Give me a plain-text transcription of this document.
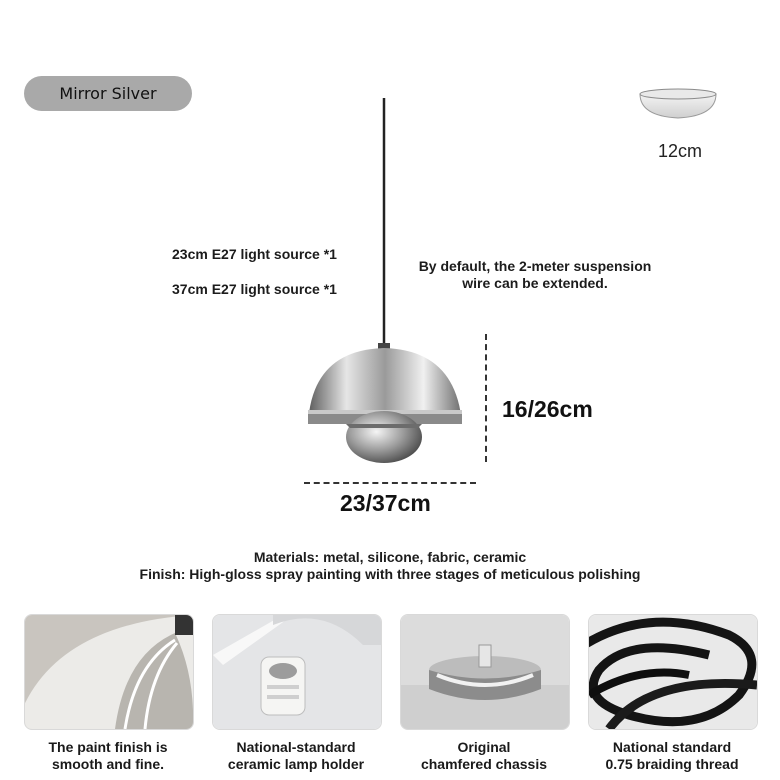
Mirror Silver
12cm
23cm E27 light source *1
37cm E27 light source *1
By default, the 2-meter suspension
wire can be extended.
16/26cm
23/37cm
Materials: metal, silicone, fabric, ceramic
Finish: High-gloss spray painting with three stages of meticulous polishing
The paint finish is
smooth and fine.
National-standard
ceramic lamp holder
Original
chamfered chassis
National standard
0.75 braiding thread
